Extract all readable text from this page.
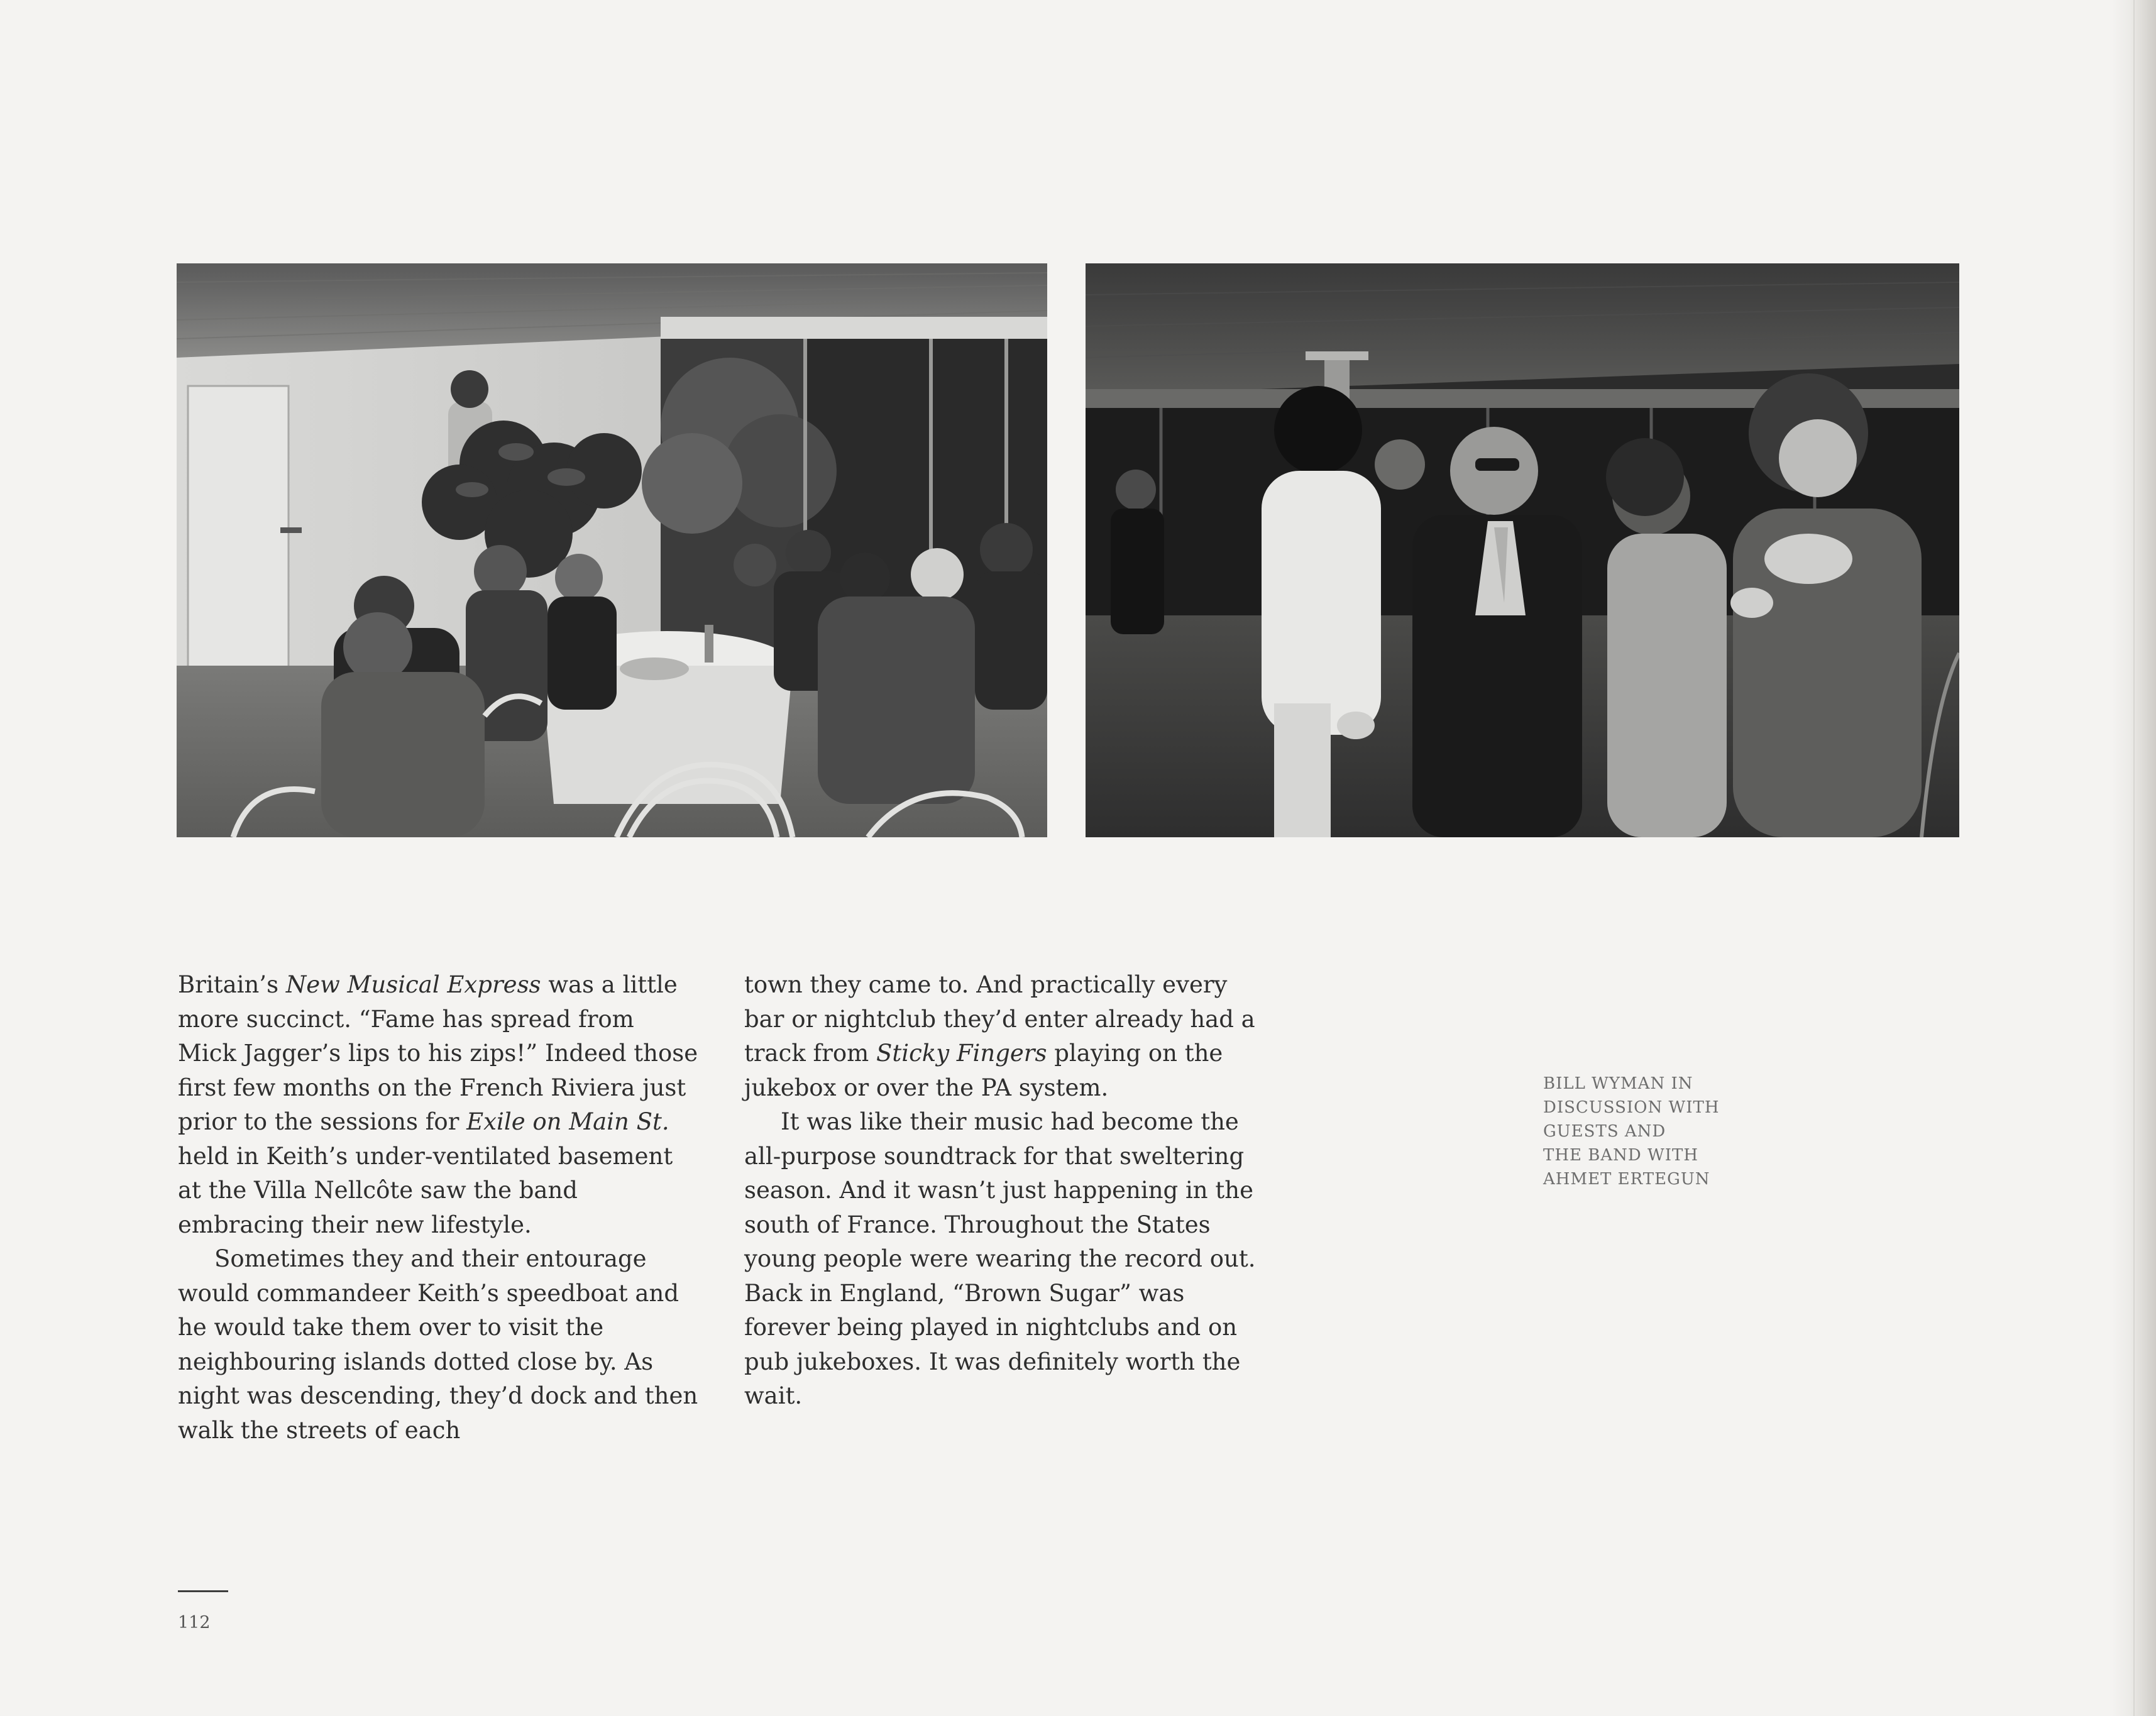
Britain’s New Musical Express was a little more succinct. “Fame has spread from Mick Jagger’s lips to his zips!” Indeed those first few months on the French Riviera just prior to the sessions for Exile on Main St. held in Keith’s under-ventilated basement at the Villa Nellcôte saw the band embracing their new lifestyle.

Sometimes they and their entourage would commandeer Keith’s speedboat and he would take them over to visit the neighbouring islands dotted close by. As night was descending, they’d dock and then walk the streets of each

town they came to. And practically every bar or nightclub they’d enter already had a track from Sticky Fingers playing on the jukebox or over the PA system.

It was like their music had become the all-purpose soundtrack for that sweltering season. And it wasn’t just happening in the south of France. Throughout the States young people were wearing the record out. Back in England, “Brown Sugar” was forever being played in nightclubs and on pub jukeboxes. It was definitely worth the wait.

BILL WYMAN IN
DISCUSSION WITH
GUESTS AND
THE BAND WITH
AHMET ERTEGUN
112
